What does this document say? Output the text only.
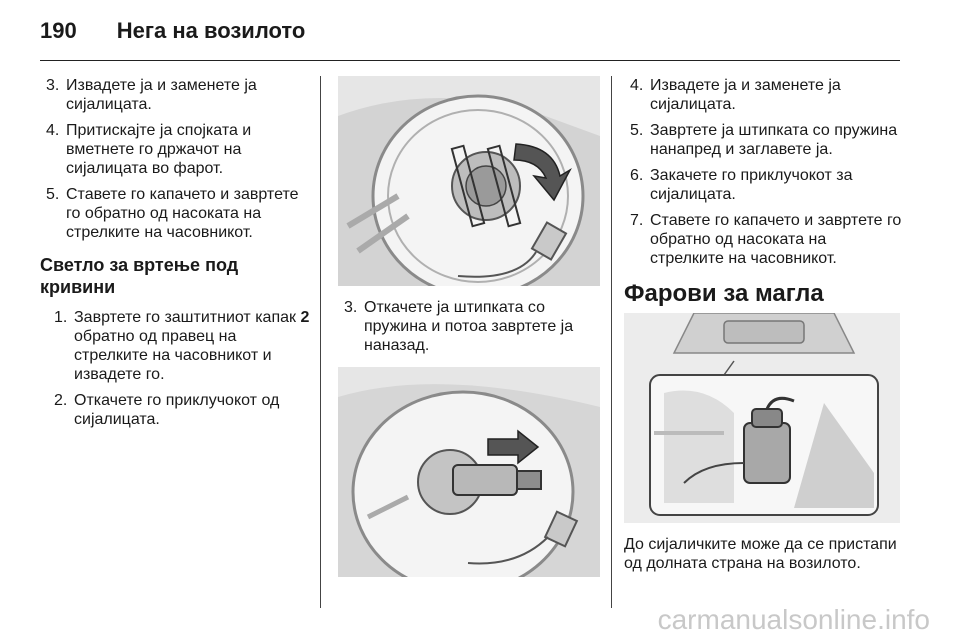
190 Нега на возилото
3. Извадете ја и заменете ја сијалицата.
4. Притискајте ја спојката и вметнете го држачот на сијалицата во фарот.
5. Ставете го капачето и завртете го обратно од насоката на стрелките на часовникот.
Светло за вртење под кривини
1. Завртете го заштитниот капак 2 обратно од правец на стрелките на часовникот и извадете го.
2. Откачете го приклучокот од сијалицата.
3. Откачете ја штипката со пружина и потоа завртете ја наназад.
4. Извадете ја и заменете ја сијалицата.
5. Завртете ја штипката со пружина нанапред и заглавете ја.
6. Закачете го приклучокот за сијалицата.
7. Ставете го капачето и завртете го обратно од насоката на стрелките на часовникот.
Фарови за магла

До сијаличките може да се пристапи од долната страна на возилото.

carmanualsonline.info
